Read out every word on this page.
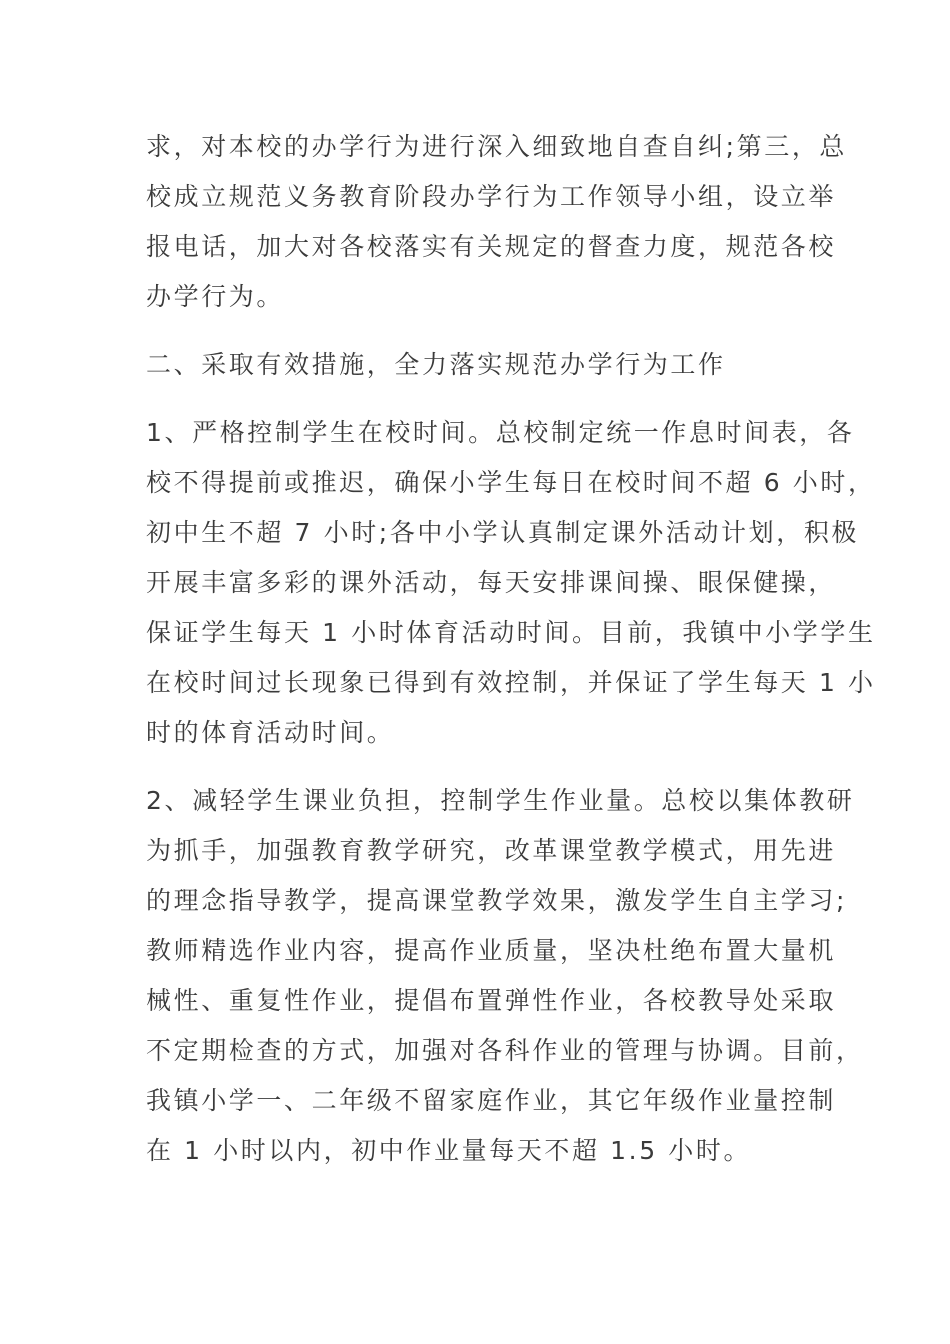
求，对本校的办学行为进行深入细致地自查自纠;第三，总
校成立规范义务教育阶段办学行为工作领导小组，设立举
报电话，加大对各校落实有关规定的督查力度，规范各校
办学行为。
二、采取有效措施，全力落实规范办学行为工作
1、严格控制学生在校时间。总校制定统一作息时间表，各
校不得提前或推迟，确保小学生每日在校时间不超 6 小时，
初中生不超 7 小时;各中小学认真制定课外活动计划，积极
开展丰富多彩的课外活动，每天安排课间操、眼保健操，
保证学生每天 1 小时体育活动时间。目前，我镇中小学学生
在校时间过长现象已得到有效控制，并保证了学生每天 1 小
时的体育活动时间。
2、减轻学生课业负担，控制学生作业量。总校以集体教研
为抓手，加强教育教学研究，改革课堂教学模式，用先进
的理念指导教学，提高课堂教学效果，激发学生自主学习;
教师精选作业内容，提高作业质量，坚决杜绝布置大量机
械性、重复性作业，提倡布置弹性作业，各校教导处采取
不定期检查的方式，加强对各科作业的管理与协调。目前，
我镇小学一、二年级不留家庭作业，其它年级作业量控制
在 1 小时以内，初中作业量每天不超 1.5 小时。
